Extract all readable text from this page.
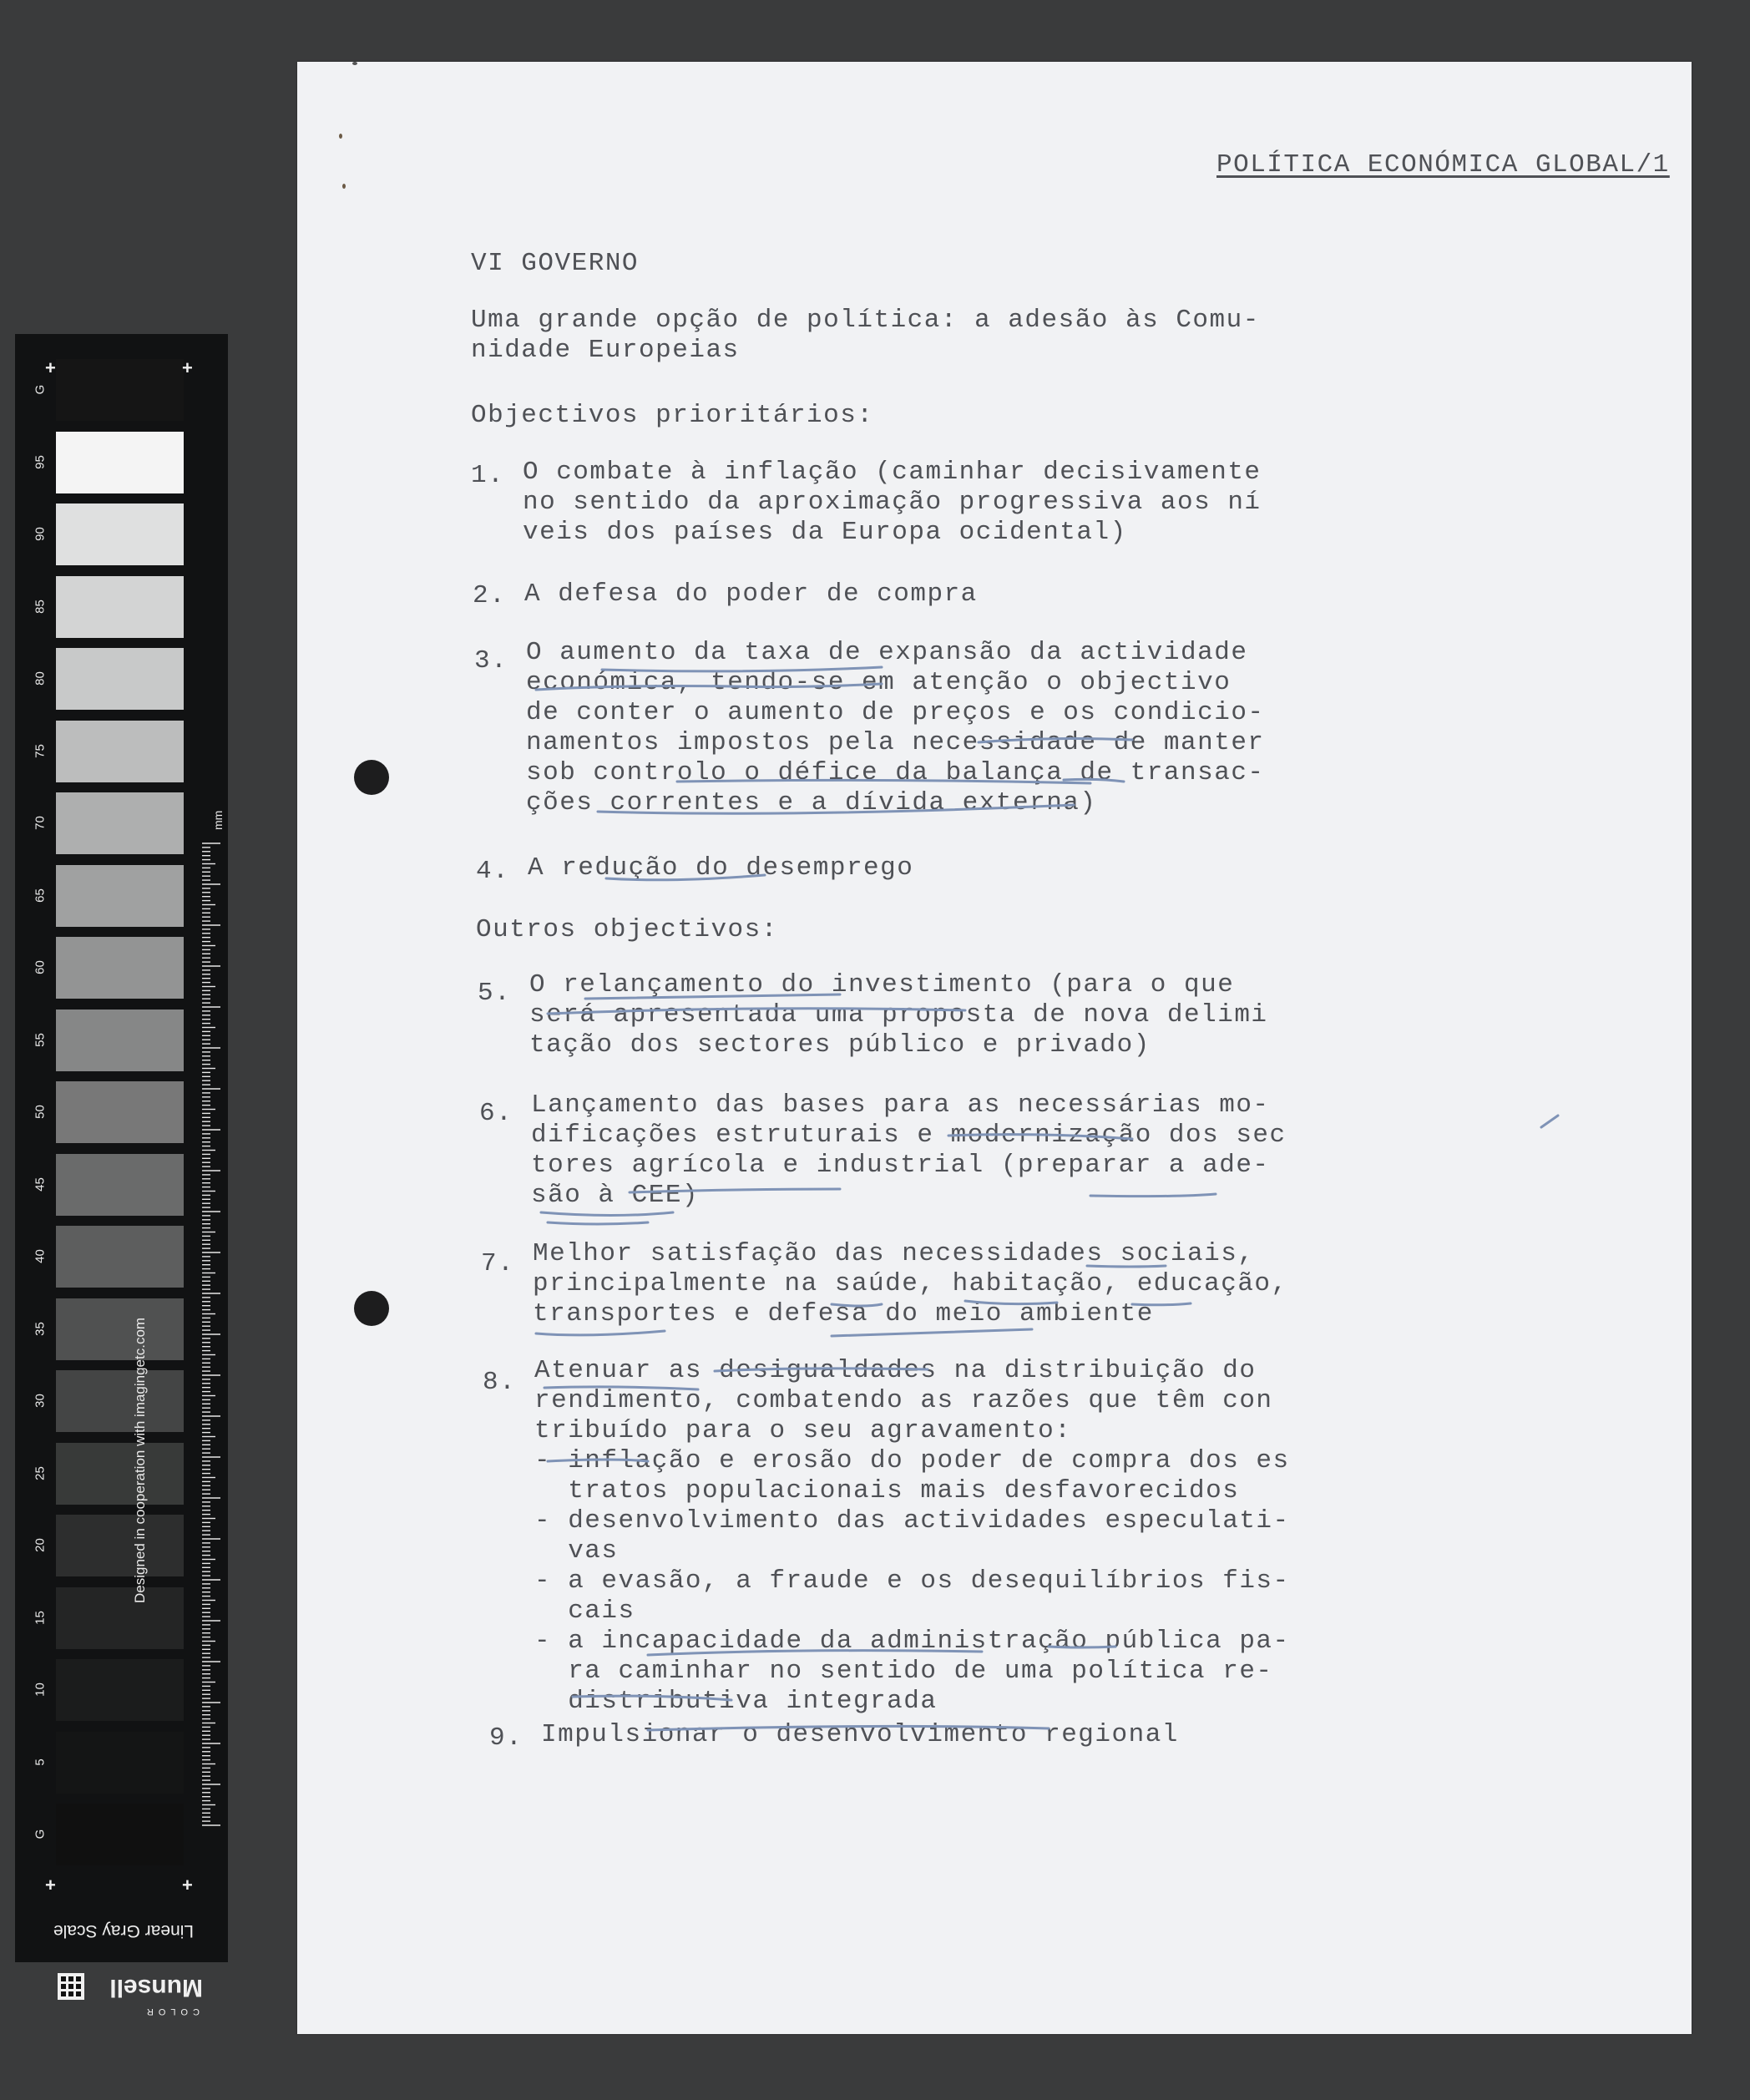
G
95
90
85
80
75
70
65
60
55
50
45
40
35
30
25
20
15
10
5
G
+	+
+	+
Designed in cooperation with imagingetc.com
mm
Linear Gray Scale
COLOR
Munsell

POLÍTICA ECONÓMICA GLOBAL/1

VI GOVERNO

Uma grande opção de política: a adesão às Comu-
nidade Europeias

Objectivos prioritários:

1. O combate à inflação (caminhar decisivamente
no sentido da aproximação progressiva aos ní
veis dos países da Europa ocidental)

2. A defesa do poder de compra

3. O aumento da taxa de expansão da actividade
económica, tendo-se em atenção o objectivo
de conter o aumento de preços e os condicio-
namentos impostos pela necessidade de manter
sob controlo o défice da balança de transac-
ções correntes e a dívida externa)

4. A redução do desemprego

Outros objectivos:

5. O relançamento do investimento (para o que
será apresentada uma proposta de nova delimi
tação dos sectores público e privado)

6. Lançamento das bases para as necessárias mo-
dificações estruturais e modernização dos sec
tores agrícola e industrial (preparar a ade-
são à CEE)

7. Melhor satisfação das necessidades sociais,
principalmente na saúde, habitação, educação,
transportes e defesa do meio ambiente

8. Atenuar as desigualdades na distribuição do
rendimento, combatendo as razões que têm con
tribuído para o seu agravamento:
- inflação e erosão do poder de compra dos es
tratos populacionais mais desfavorecidos
- desenvolvimento das actividades especulati-
vas
- a evasão, a fraude e os desequilíbrios fis-
cais
- a incapacidade da administração pública pa-
ra caminhar no sentido de uma política re-
distributiva integrada

9. Impulsionar o desenvolvimento regional
